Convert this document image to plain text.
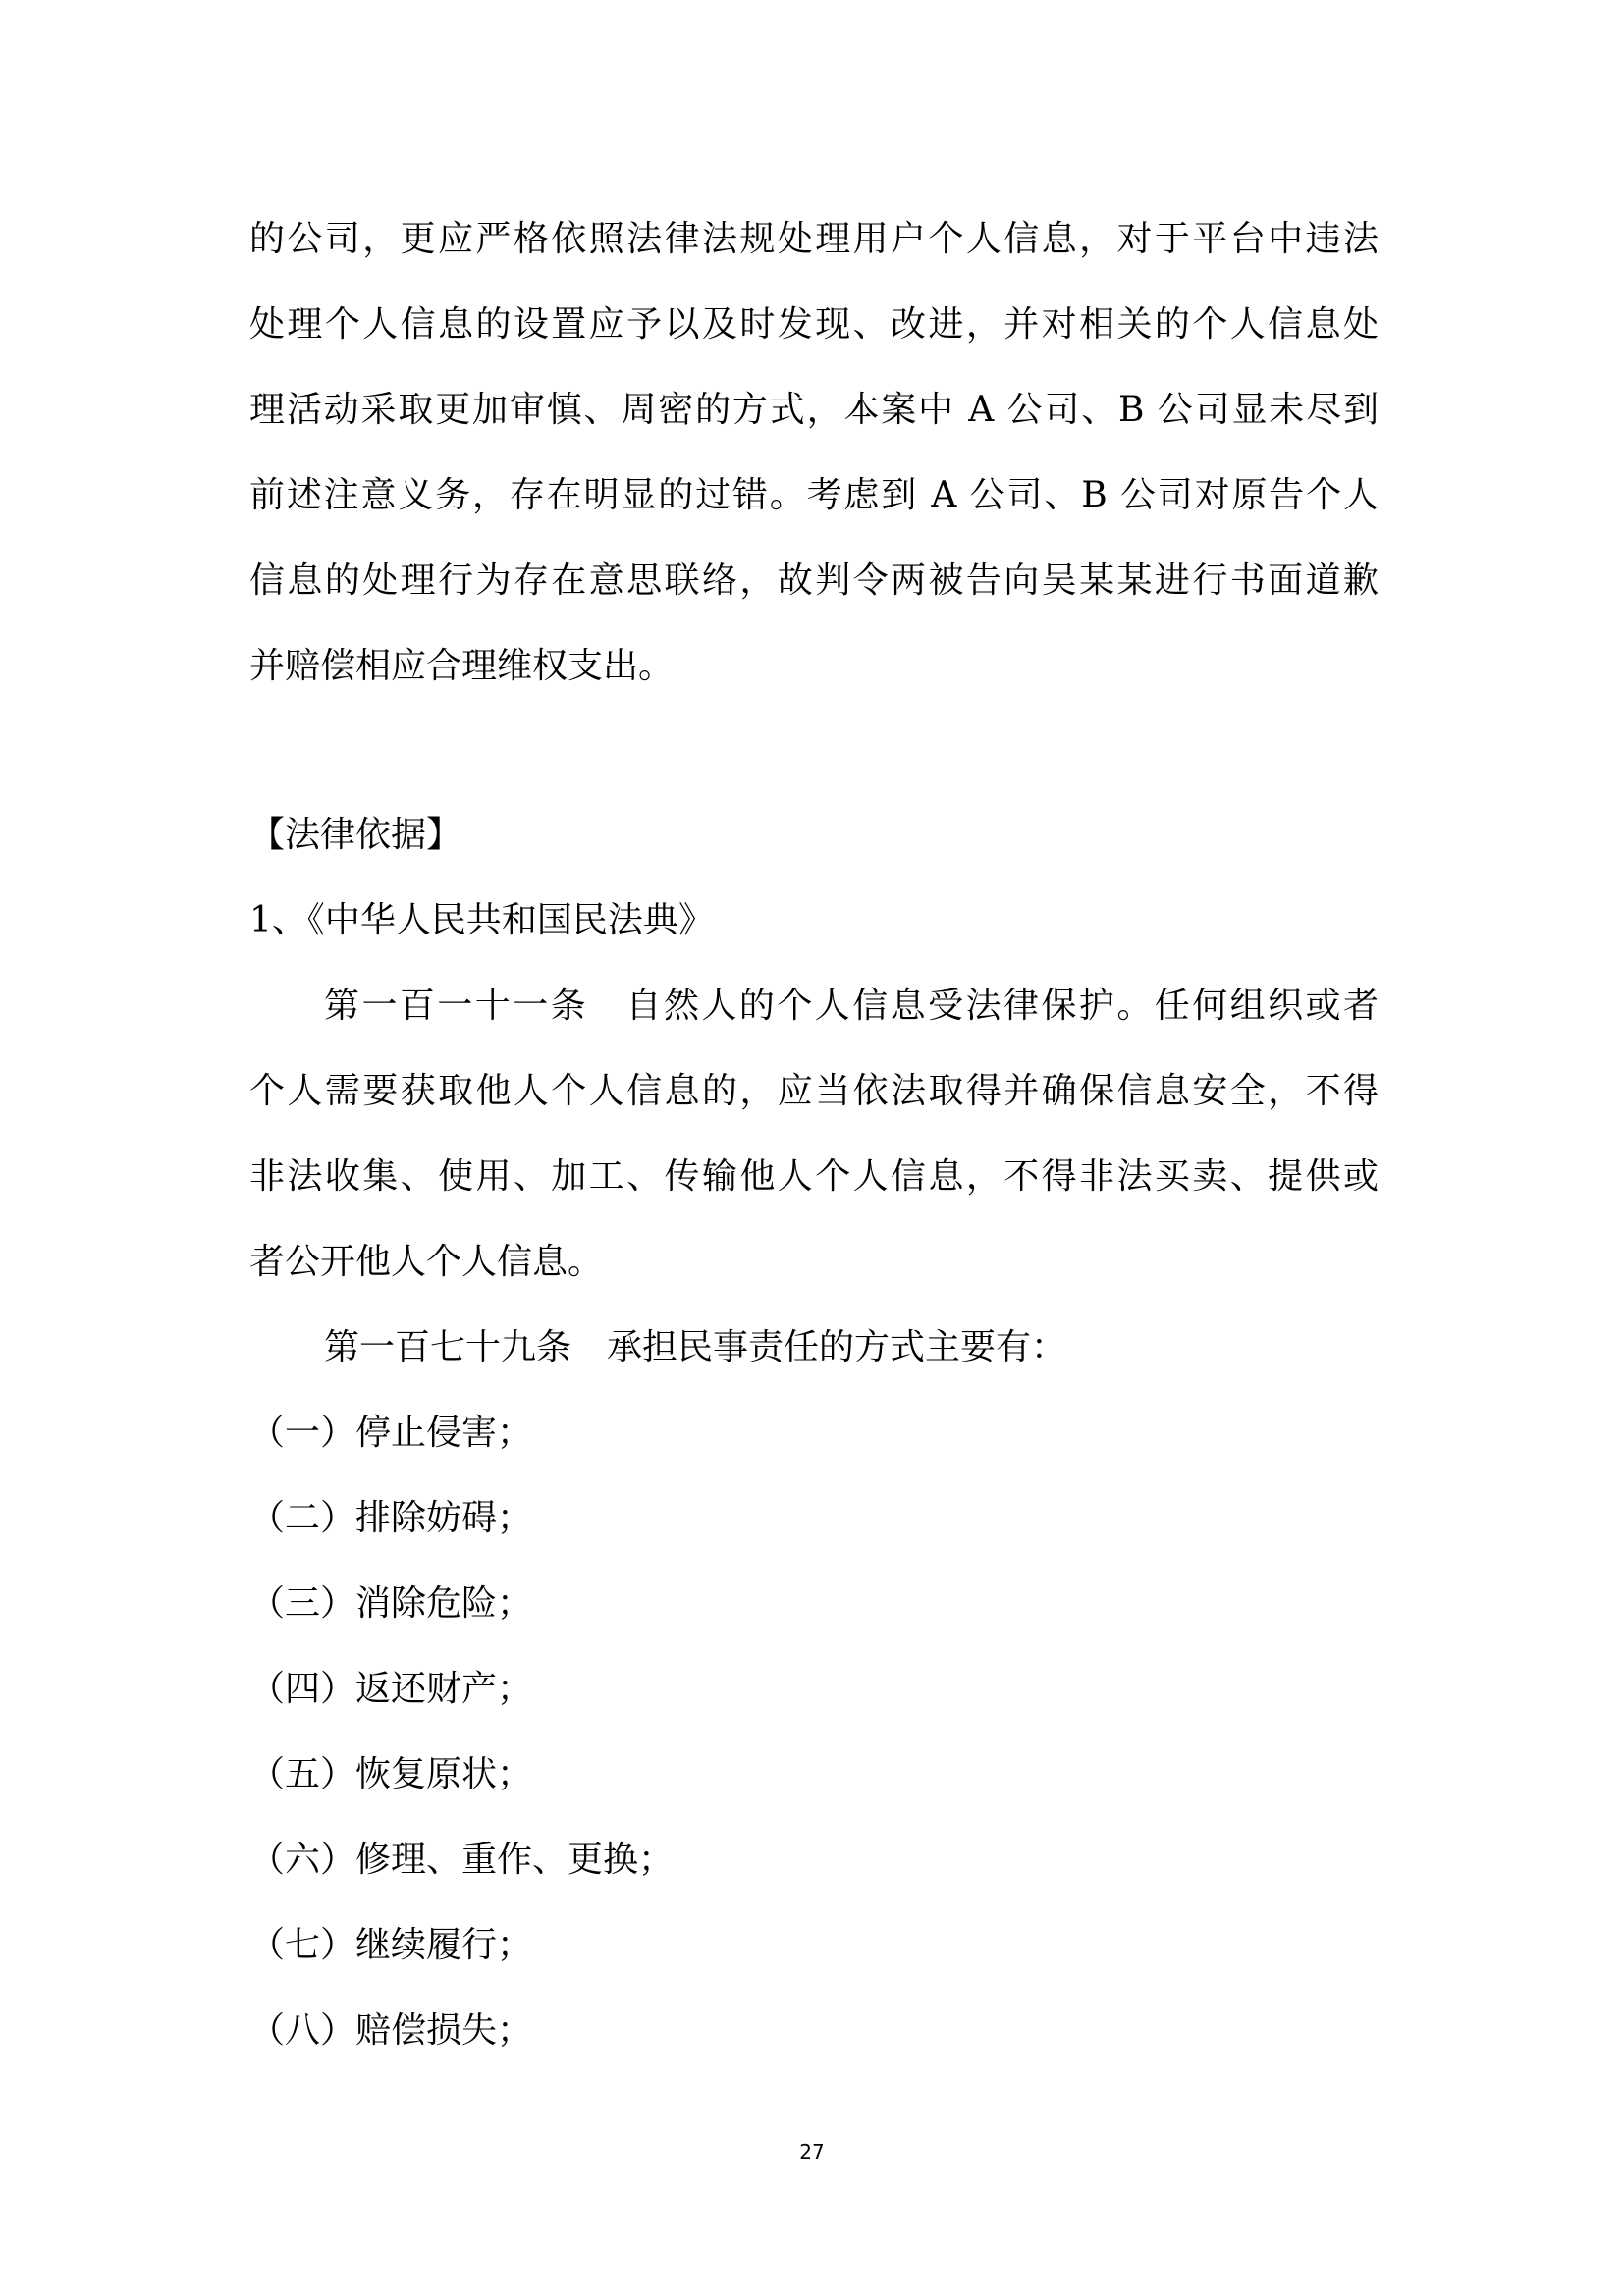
的公司，更应严格依照法律法规处理用户个人信息，对于平台中违法
处理个人信息的设置应予以及时发现、改进，并对相关的个人信息处
理活动采取更加审慎、周密的方式，本案中 A 公司、B 公司显未尽到
前述注意义务，存在明显的过错。考虑到 A 公司、B 公司对原告个人
信息的处理行为存在意思联络，故判令两被告向吴某某进行书面道歉
并赔偿相应合理维权支出。
【法律依据】
1、《中华人民共和国民法典》
第一百一十一条　自然人的个人信息受法律保护。任何组织或者
个人需要获取他人个人信息的，应当依法取得并确保信息安全，不得
非法收集、使用、加工、传输他人个人信息，不得非法买卖、提供或
者公开他人个人信息。
第一百七十九条　承担民事责任的方式主要有：
（一）停止侵害；
（二）排除妨碍；
（三）消除危险；
（四）返还财产；
（五）恢复原状；
（六）修理、重作、更换；
（七）继续履行；
（八）赔偿损失；
27
